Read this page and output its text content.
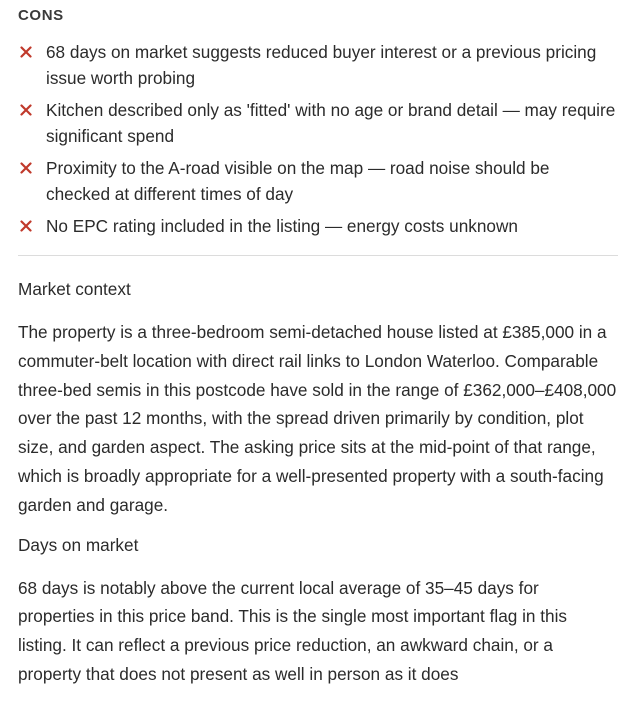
CONS
68 days on market suggests reduced buyer interest or a previous pricing issue worth probing
Kitchen described only as 'fitted' with no age or brand detail — may require significant spend
Proximity to the A-road visible on the map — road noise should be checked at different times of day
No EPC rating included in the listing — energy costs unknown
Market context

The property is a three-bedroom semi-detached house listed at £385,000 in a commuter-belt location with direct rail links to London Waterloo. Comparable three-bed semis in this postcode have sold in the range of £362,000–£408,000 over the past 12 months, with the spread driven primarily by condition, plot size, and garden aspect. The asking price sits at the mid-point of that range, which is broadly appropriate for a well-presented property with a south-facing garden and garage.

Days on market

68 days is notably above the current local average of 35–45 days for properties in this price band. This is the single most important flag in this listing. It can reflect a previous price reduction, an awkward chain, or a property that does not present as well in person as it does
